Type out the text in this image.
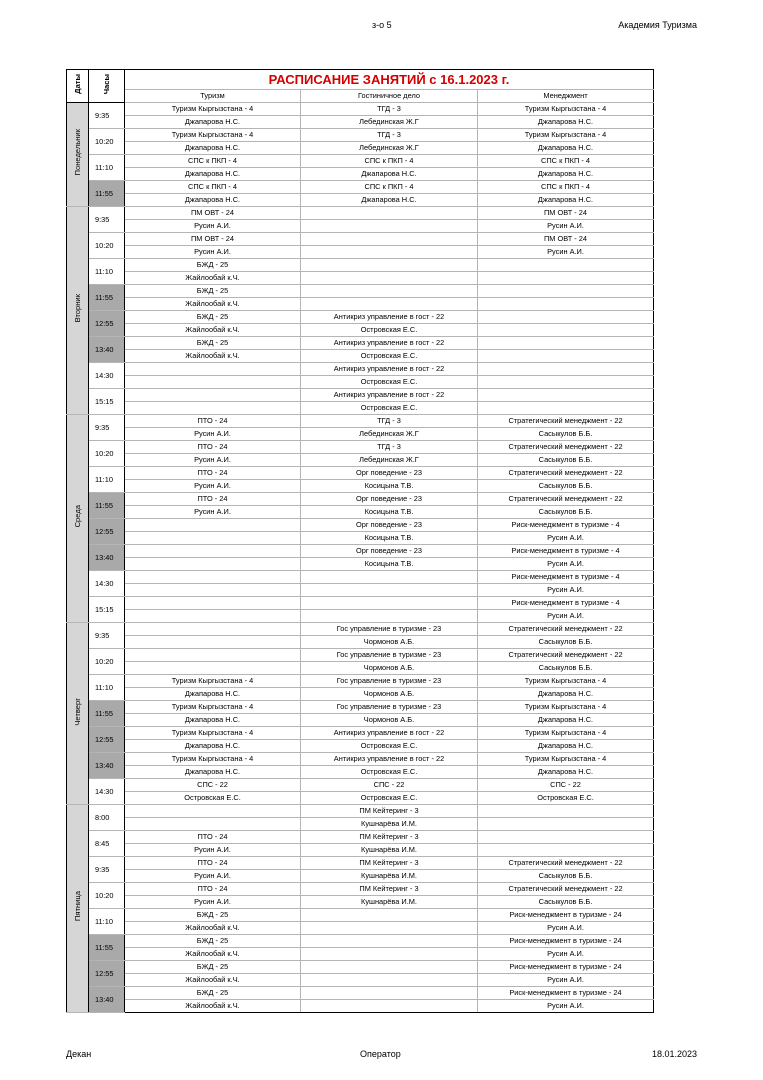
з-о 5	Академия Туризма
Даты	Часы	РАСПИСАНИЕ ЗАНЯТИЙ с 16.1.2023 г.		
		Туризм	Гостиничное дело	Менеджмент
Понедельник	9:35	Туризм Кыргызстана - 4	ТГД - 3	Туризм Кыргызстана - 4
		Джапарова Н.С.	Лебединская Ж.Г	Джапарова Н.С.
	10:20	Туризм Кыргызстана - 4	ТГД - 3	Туризм Кыргызстана - 4
		Джапарова Н.С.	Лебединская Ж.Г	Джапарова Н.С.
	11:10	СПС к ПКП - 4	СПС к ПКП - 4	СПС к ПКП - 4
		Джапарова Н.С.	Джапарова Н.С.	Джапарова Н.С.
	11:55	СПС к ПКП - 4	СПС к ПКП - 4	СПС к ПКП - 4
		Джапарова Н.С.	Джапарова Н.С.	Джапарова Н.С.
Вторник	9:35	ПМ ОВТ - 24		ПМ ОВТ - 24
		Русин А.И.		Русин А.И.
	10:20	ПМ ОВТ - 24		ПМ ОВТ - 24
		Русин А.И.		Русин А.И.
	11:10	БЖД - 25		
		Жайлообай к.Ч.		
	11:55	БЖД - 25		
		Жайлообай к.Ч.		
	12:55	БЖД - 25	Антикриз управление в гост - 22	
		Жайлообай к.Ч.	Островская Е.С.	
	13:40	БЖД - 25	Антикриз управление в гост - 22	
		Жайлообай к.Ч.	Островская Е.С.	
	14:30		Антикриз управление в гост - 22	
			Островская Е.С.	
	15:15		Антикриз управление в гост - 22	
			Островская Е.С.	
Среда	9:35	ПТО - 24	ТГД - 3	Стратегический менеджмент - 22
		Русин А.И.	Лебединская Ж.Г	Сасыкулов Б.Б.
	10:20	ПТО - 24	ТГД - 3	Стратегический менеджмент - 22
		Русин А.И.	Лебединская Ж.Г	Сасыкулов Б.Б.
	11:10	ПТО - 24	Орг поведение - 23	Стратегический менеджмент - 22
		Русин А.И.	Косицына Т.В.	Сасыкулов Б.Б.
	11:55	ПТО - 24	Орг поведение - 23	Стратегический менеджмент - 22
		Русин А.И.	Косицына Т.В.	Сасыкулов Б.Б.
	12:55		Орг поведение - 23	Риск-менеджмент в туризме - 4
			Косицына Т.В.	Русин А.И.
	13:40		Орг поведение - 23	Риск-менеджмент в туризме - 4
			Косицына Т.В.	Русин А.И.
	14:30			Риск-менеджмент в туризме - 4
				Русин А.И.
	15:15			Риск-менеджмент в туризме - 4
				Русин А.И.
Четверг	9:35		Гос управление в туризме - 23	Стратегический менеджмент - 22
			Чормонов А.Б.	Сасыкулов Б.Б.
	10:20		Гос управление в туризме - 23	Стратегический менеджмент - 22
			Чормонов А.Б.	Сасыкулов Б.Б.
	11:10	Туризм Кыргызстана - 4	Гос управление в туризме - 23	Туризм Кыргызстана - 4
		Джапарова Н.С.	Чормонов А.Б.	Джапарова Н.С.
	11:55	Туризм Кыргызстана - 4	Гос управление в туризме - 23	Туризм Кыргызстана - 4
		Джапарова Н.С.	Чормонов А.Б.	Джапарова Н.С.
	12:55	Туризм Кыргызстана - 4	Антикриз управление в гост - 22	Туризм Кыргызстана - 4
		Джапарова Н.С.	Островская Е.С.	Джапарова Н.С.
	13:40	Туризм Кыргызстана - 4	Антикриз управление в гост - 22	Туризм Кыргызстана - 4
		Джапарова Н.С.	Островская Е.С.	Джапарова Н.С.
	14:30	СПС - 22	СПС - 22	СПС - 22
		Островская Е.С.	Островская Е.С.	Островская Е.С.
Пятница	8:00		ПМ Кейтеринг - 3	
			Кушнарёва И.М.	
	8:45	ПТО - 24	ПМ Кейтеринг - 3	
		Русин А.И.	Кушнарёва И.М.	
	9:35	ПТО - 24	ПМ Кейтеринг - 3	Стратегический менеджмент - 22
		Русин А.И.	Кушнарёва И.М.	Сасыкулов Б.Б.
	10:20	ПТО - 24	ПМ Кейтеринг - 3	Стратегический менеджмент - 22
		Русин А.И.	Кушнарёва И.М.	Сасыкулов Б.Б.
	11:10	БЖД - 25		Риск-менеджмент в туризме - 24
		Жайлообай к.Ч.		Русин А.И.
	11:55	БЖД - 25		Риск-менеджмент в туризме - 24
		Жайлообай к.Ч.		Русин А.И.
	12:55	БЖД - 25		Риск-менеджмент в туризме - 24
		Жайлообай к.Ч.		Русин А.И.
	13:40	БЖД - 25		Риск-менеджмент в туризме - 24
		Жайлообай к.Ч.		Русин А.И.
Декан	Оператор	18.01.2023
